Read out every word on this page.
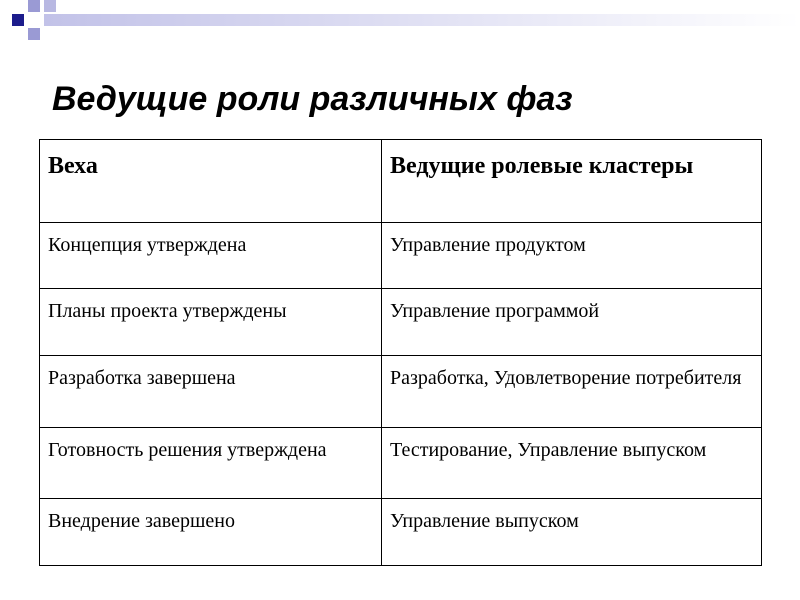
Ведущие роли различных фаз
Веха	Ведущие ролевые кластеры

Концепция утверждена	Управление продуктом

Планы проекта утверждены	Управление программой

Разработка завершена	Разработка, Удовлетворение потребителя

Готовность решения утверждена	Тестирование, Управление выпуском

Внедрение завершено	Управление выпуском
